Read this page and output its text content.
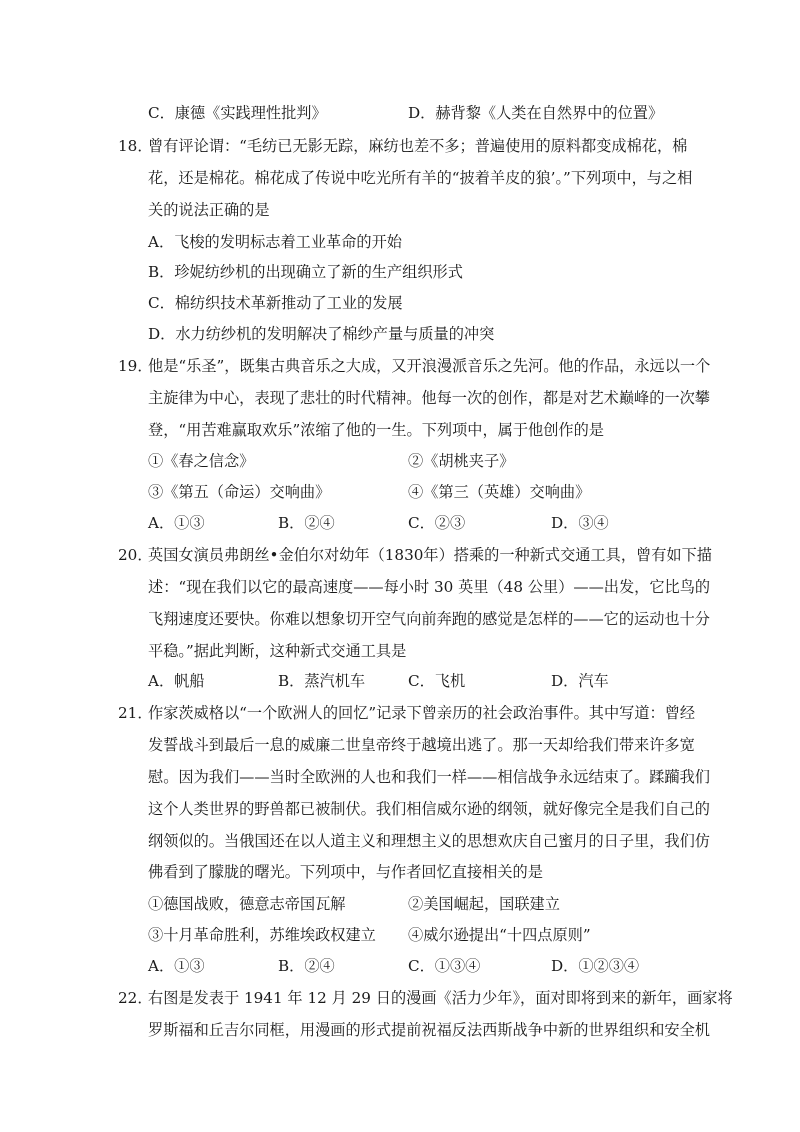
C．康德《实践理性批判》	D．赫背黎《人类在自然界中的位置》
18．
曾有评论谓：“毛纺已无影无踪，麻纺也差不多；普遍使用的原料都变成棉花，棉
花，还是棉花。棉花成了传说中吃光所有羊的“披着羊皮的狼’。”下列项中，与之相
关的说法正确的是
A．飞梭的发明标志着工业革命的开始
B．珍妮纺纱机的出现确立了新的生产组织形式
C．棉纺织技术革新推动了工业的发展
D．水力纺纱机的发明解决了棉纱产量与质量的冲突
19．
他是“乐圣”，既集古典音乐之大成，又开浪漫派音乐之先河。他的作品，永远以一个
主旋律为中心，表现了悲壮的时代精神。他每一次的创作，都是对艺术巅峰的一次攀
登，“用苦难赢取欢乐”浓缩了他的一生。下列项中，属于他创作的是
①《春之信念》	②《胡桃夹子》
③《第五（命运）交响曲》	④《第三（英雄）交响曲》
A．①③	B．②④	C．②③	D．③④
20．
英国女演员弗朗丝•金伯尔对幼年（1830年）搭乘的一种新式交通工具，曾有如下描
述：“现在我们以它的最高速度——每小时 30 英里（48 公里）——出发，它比鸟的
飞翔速度还要快。你难以想象切开空气向前奔跑的感觉是怎样的——它的运动也十分
平稳。”据此判断，这种新式交通工具是
A．帆船	B．蒸汽机车	C．飞机	D．汽车
21．
作家茨威格以“一个欧洲人的回忆”记录下曾亲历的社会政治事件。其中写道：曾经
发誓战斗到最后一息的威廉二世皇帝终于越境出逃了。那一天却给我们带来许多宽
慰。因为我们——当时全欧洲的人也和我们一样——相信战争永远结束了。蹂躏我们
这个人类世界的野兽都已被制伏。我们相信威尔逊的纲领，就好像完全是我们自己的
纲领似的。当俄国还在以人道主义和理想主义的思想欢庆自己蜜月的日子里，我们仿
佛看到了朦胧的曙光。下列项中，与作者回忆直接相关的是
①德国战败，德意志帝国瓦解	②美国崛起，国联建立
③十月革命胜利，苏维埃政权建立 ④威尔逊提出“十四点原则”
A．①③	B．②④	C．①③④	D．①②③④
22．
右图是发表于 1941 年 12 月 29 日的漫画《活力少年》，面对即将到来的新年，画家将
罗斯福和丘吉尔同框，用漫画的形式提前祝福反法西斯战争中新的世界组织和安全机
